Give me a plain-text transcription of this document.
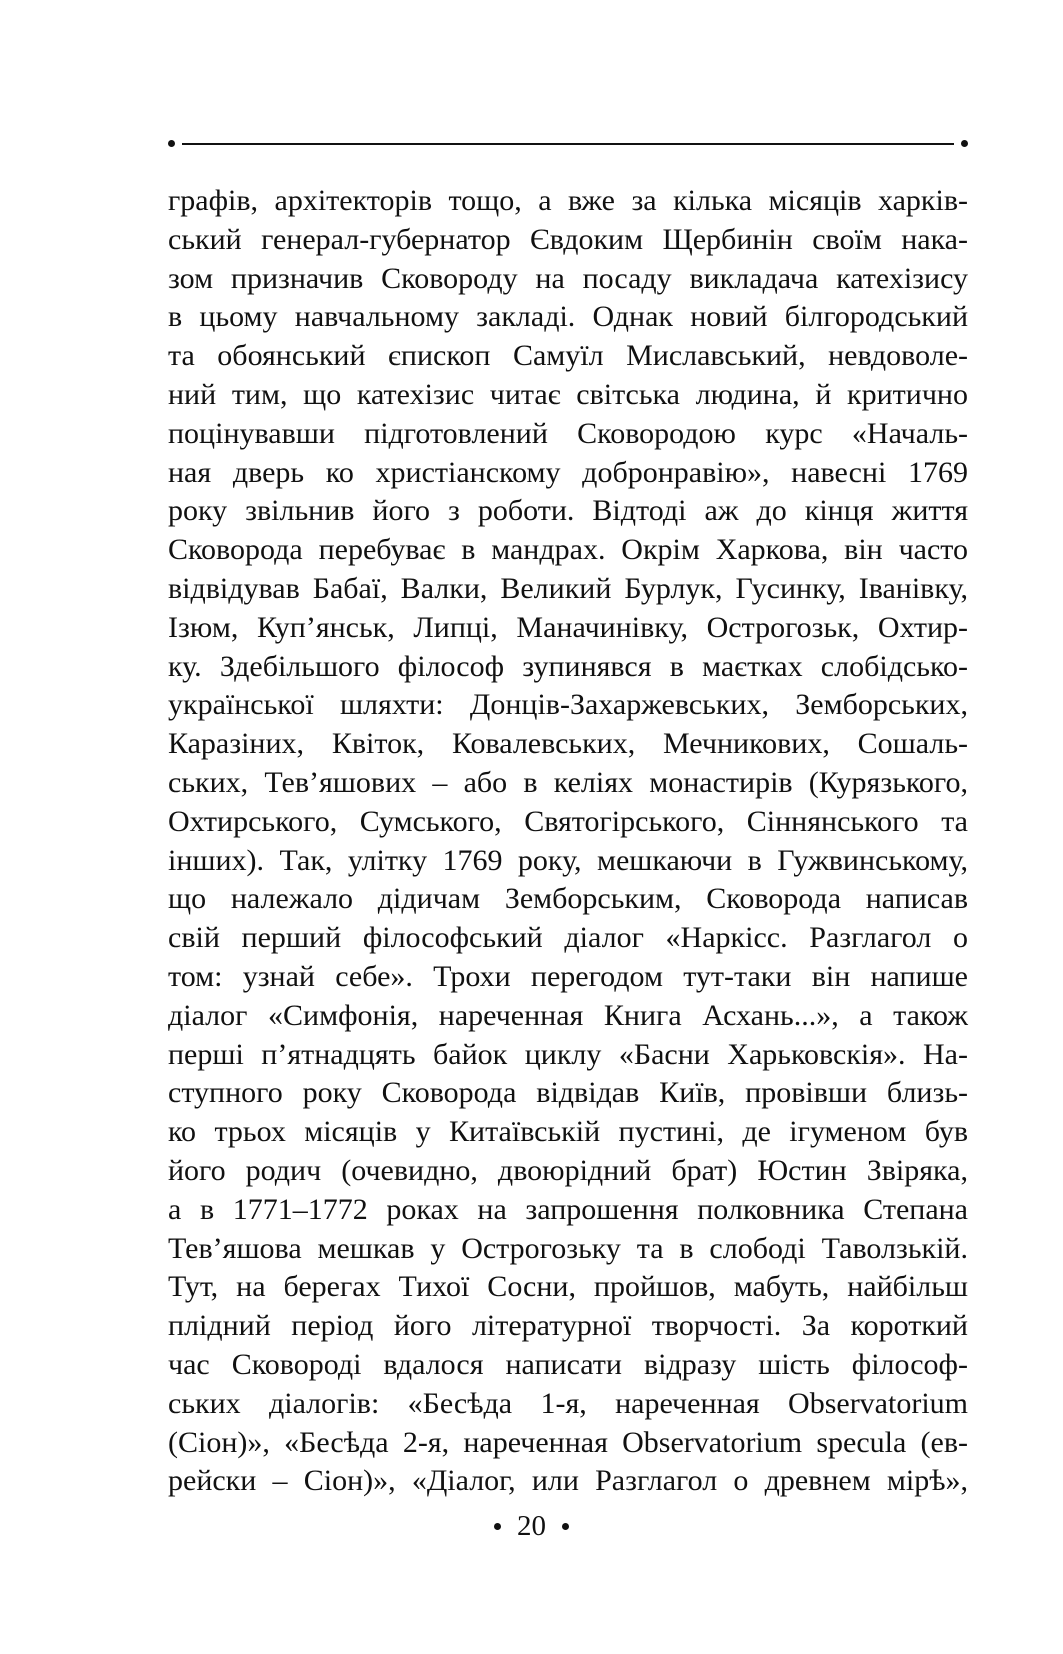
графів, архітекторів тощо, а вже за кілька місяців харків-
ський генерал-губернатор Євдоким Щербинін своїм нака-
зом призначив Сковороду на посаду викладача катехізису
в цьому навчальному закладі. Однак новий білгородський
та обоянський єпископ Самуїл Миславський, невдоволе-
ний тим, що катехізис читає світська людина, й критично
поцінувавши підготовлений Сковородою курс «Началь-
ная дверь ко христіанскому добронравію», навесні 1769
року звільнив його з роботи. Відтоді аж до кінця життя
Сковорода перебуває в мандрах. Окрім Харкова, він часто
відвідував Бабаї, Валки, Великий Бурлук, Гусинку, Іванівку,
Ізюм, Куп’янськ, Липці, Маначинівку, Острогозьк, Охтир-
ку. Здебільшого філософ зупинявся в маєтках слобідсько-
української шляхти: Донців-Захаржевських, Земборських,
Каразіних, Квіток, Ковалевських, Мечникових, Сошаль-
ських, Тев’яшових – або в келіях монастирів (Курязького,
Охтирського, Сумського, Святогірського, Сіннянського та
інших). Так, улітку 1769 року, мешкаючи в Гужвинському,
що належало дідичам Земборським, Сковорода написав
свій перший філософський діалог «Наркісс. Разглагол о
том: узнай себе». Трохи перегодом тут-таки він напише
діалог «Симфонія, нареченная Книга Асхань...», а також
перші п’ятнадцять байок циклу «Басни Харьковскія». На-
ступного року Сковорода відвідав Київ, провівши близь-
ко трьох місяців у Китаївській пустині, де ігуменом був
його родич (очевидно, двоюрідний брат) Юстин Звіряка,
а в 1771–1772 роках на запрошення полковника Степана
Тев’яшова мешкав у Острогозьку та в слободі Таволзькій.
Тут, на берегах Тихої Сосни, пройшов, мабуть, найбільш
плідний період його літературної творчості. За короткий
час Сковороді вдалося написати відразу шість філософ-
ських діалогів: «Бесѣда 1-я, нареченная Observatorium
(Сіон)», «Бесѣда 2-я, нареченная Observatorium specula (ев-
рейски – Сіон)», «Діалог, или Разглагол о древнем мірѣ»,
20
